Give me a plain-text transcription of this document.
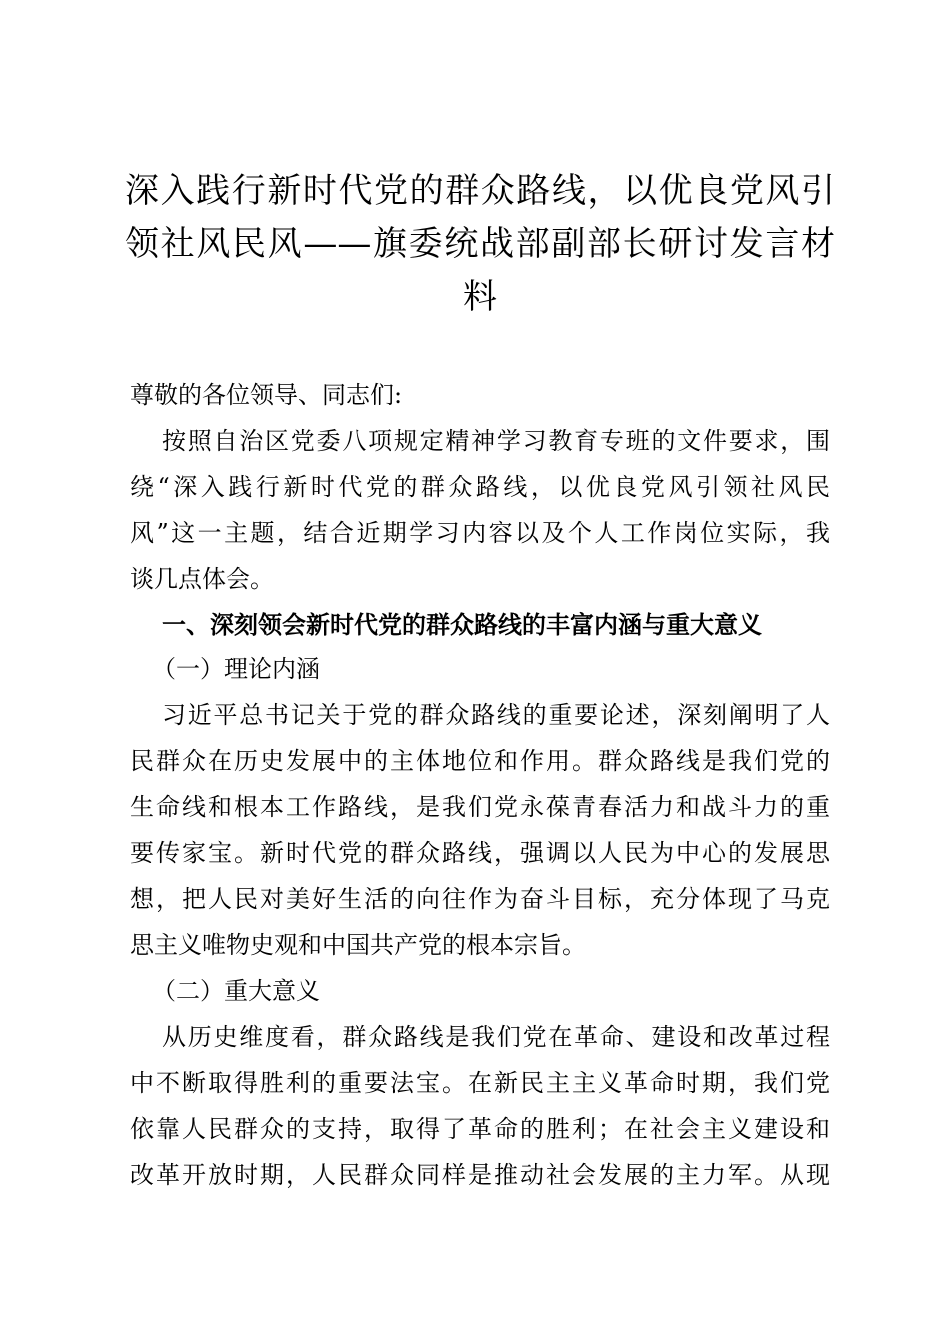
深入践行新时代党的群众路线，以优良党风引
领社风民风——旗委统战部副部长研讨发言材
料
尊敬的各位领导、同志们:
按照自治区党委八项规定精神学习教育专班的文件要求，围
绕“深入践行新时代党的群众路线，以优良党风引领社风民
风”这一主题，结合近期学习内容以及个人工作岗位实际，我
谈几点体会。
一、深刻领会新时代党的群众路线的丰富内涵与重大意义
（一）理论内涵
习近平总书记关于党的群众路线的重要论述，深刻阐明了人
民群众在历史发展中的主体地位和作用。群众路线是我们党的
生命线和根本工作路线，是我们党永葆青春活力和战斗力的重
要传家宝。新时代党的群众路线，强调以人民为中心的发展思
想，把人民对美好生活的向往作为奋斗目标，充分体现了马克
思主义唯物史观和中国共产党的根本宗旨。
（二）重大意义
从历史维度看，群众路线是我们党在革命、建设和改革过程
中不断取得胜利的重要法宝。在新民主主义革命时期，我们党
依靠人民群众的支持，取得了革命的胜利；在社会主义建设和
改革开放时期，人民群众同样是推动社会发展的主力军。从现
